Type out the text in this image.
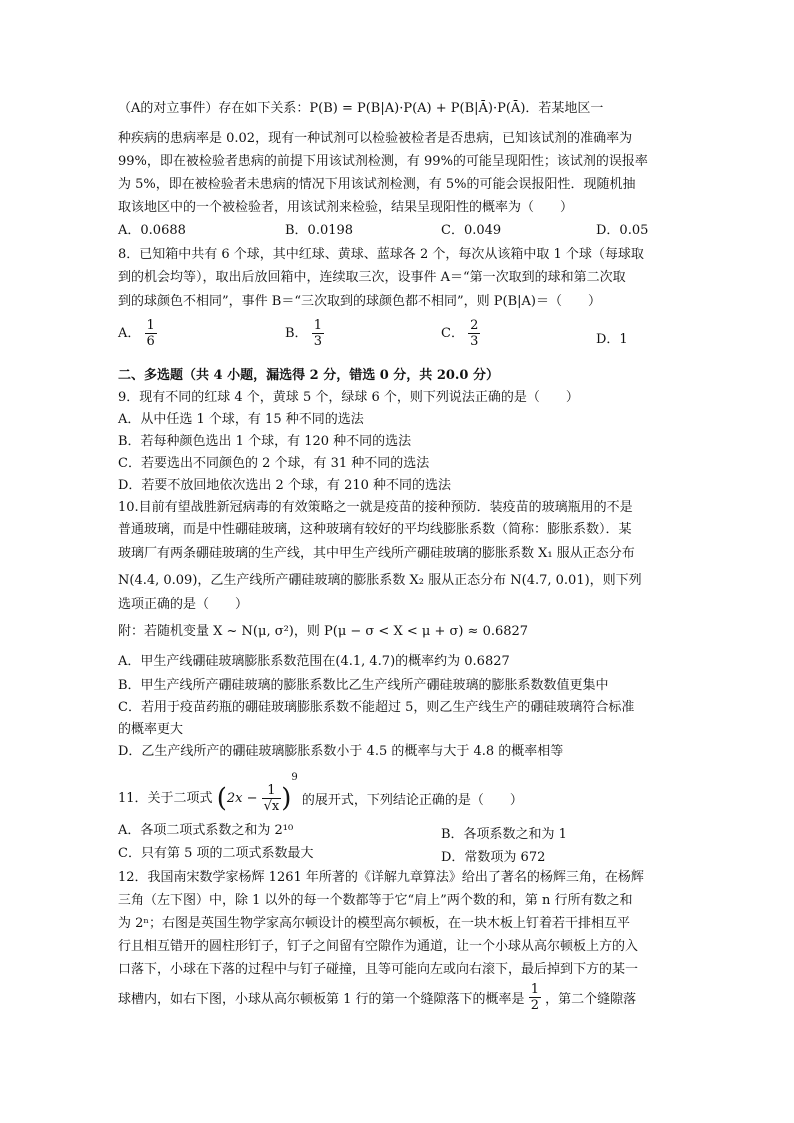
（A的对立事件）存在如下关系：P(B) = P(B|A)·P(A) + P(B|Ā)·P(Ā)．若某地区一
种疾病的患病率是 0.02，现有一种试剂可以检验被检者是否患病，已知该试剂的准确率为
99%，即在被检验者患病的前提下用该试剂检测，有 99%的可能呈现阳性；该试剂的误报率
为 5%，即在被检验者未患病的情况下用该试剂检测，有 5%的可能会误报阳性．现随机抽
取该地区中的一个被检验者，用该试剂来检验，结果呈现阳性的概率为（　　）
8．已知箱中共有 6 个球，其中红球、黄球、蓝球各 2 个，每次从该箱中取 1 个球（每球取
到的机会均等），取出后放回箱中，连续取三次，设事件 A＝“第一次取到的球和第二次取
到的球颜色不相同”，事件 B＝“三次取到的球颜色都不相同”，则 P(B|A)＝（　　）
二、多选题（共 4 小题，漏选得 2 分，错选 0 分，共 20.0 分）
9．现有不同的红球 4 个，黄球 5 个，绿球 6 个，则下列说法正确的是（　　）
A．从中任选 1 个球，有 15 种不同的选法
B．若每种颜色选出 1 个球，有 120 种不同的选法
C．若要选出不同颜色的 2 个球，有 31 种不同的选法
D．若要不放回地依次选出 2 个球，有 210 种不同的选法
10.目前有望战胜新冠病毒的有效策略之一就是疫苗的接种预防．装疫苗的玻璃瓶用的不是
普通玻璃，而是中性硼硅玻璃，这种玻璃有较好的平均线膨胀系数（简称：膨胀系数）．某
玻璃厂有两条硼硅玻璃的生产线，其中甲生产线所产硼硅玻璃的膨胀系数 X₁ 服从正态分布
N(4.4, 0.09)，乙生产线所产硼硅玻璃的膨胀系数 X₂ 服从正态分布 N(4.7, 0.01)，则下列
选项正确的是（　　）
附：若随机变量 X ~ N(μ, σ²)，则 P(μ − σ < X < μ + σ) ≈ 0.6827
A．甲生产线硼硅玻璃膨胀系数范围在(4.1, 4.7)的概率约为 0.6827
B．甲生产线所产硼硅玻璃的膨胀系数比乙生产线所产硼硅玻璃的膨胀系数数值更集中
C．若用于疫苗药瓶的硼硅玻璃膨胀系数不能超过 5，则乙生产线生产的硼硅玻璃符合标准
的概率更大
D．乙生产线所产的硼硅玻璃膨胀系数小于 4.5 的概率与大于 4.8 的概率相等
A．各项二项式系数之和为 2¹⁰
C．只有第 5 项的二项式系数最大
12．我国南宋数学家杨辉 1261 年所著的《详解九章算法》给出了著名的杨辉三角，在杨辉
三角（左下图）中，除 1 以外的每一个数都等于它“肩上”两个数的和，第 n 行所有数之和
为 2ⁿ；右图是英国生物学家高尔顿设计的模型高尔顿板，在一块木板上钉着若干排相互平
行且相互错开的圆柱形钉子，钉子之间留有空隙作为通道，让一个小球从高尔顿板上方的入
口落下，小球在下落的过程中与钉子碰撞，且等可能向左或向右滚下，最后掉到下方的某一
A．0.0688	B．0.0198	C．0.049	D．0.05
A． $\frac{1}{6}$	B． $\frac{1}{3}$	C． $\frac{2}{3}$	D．1
11．关于二项式 $(2x - \frac{1}{√x} )^9$ 的展开式，下列结论正确的是（　　）
B．各项系数之和为 1
D．常数项为 672
球槽内，如右下图，小球从高尔顿板第 1 行的第一个缝隙落下的概率是 $\frac{1}{2}$ ，第二个缝隙落
